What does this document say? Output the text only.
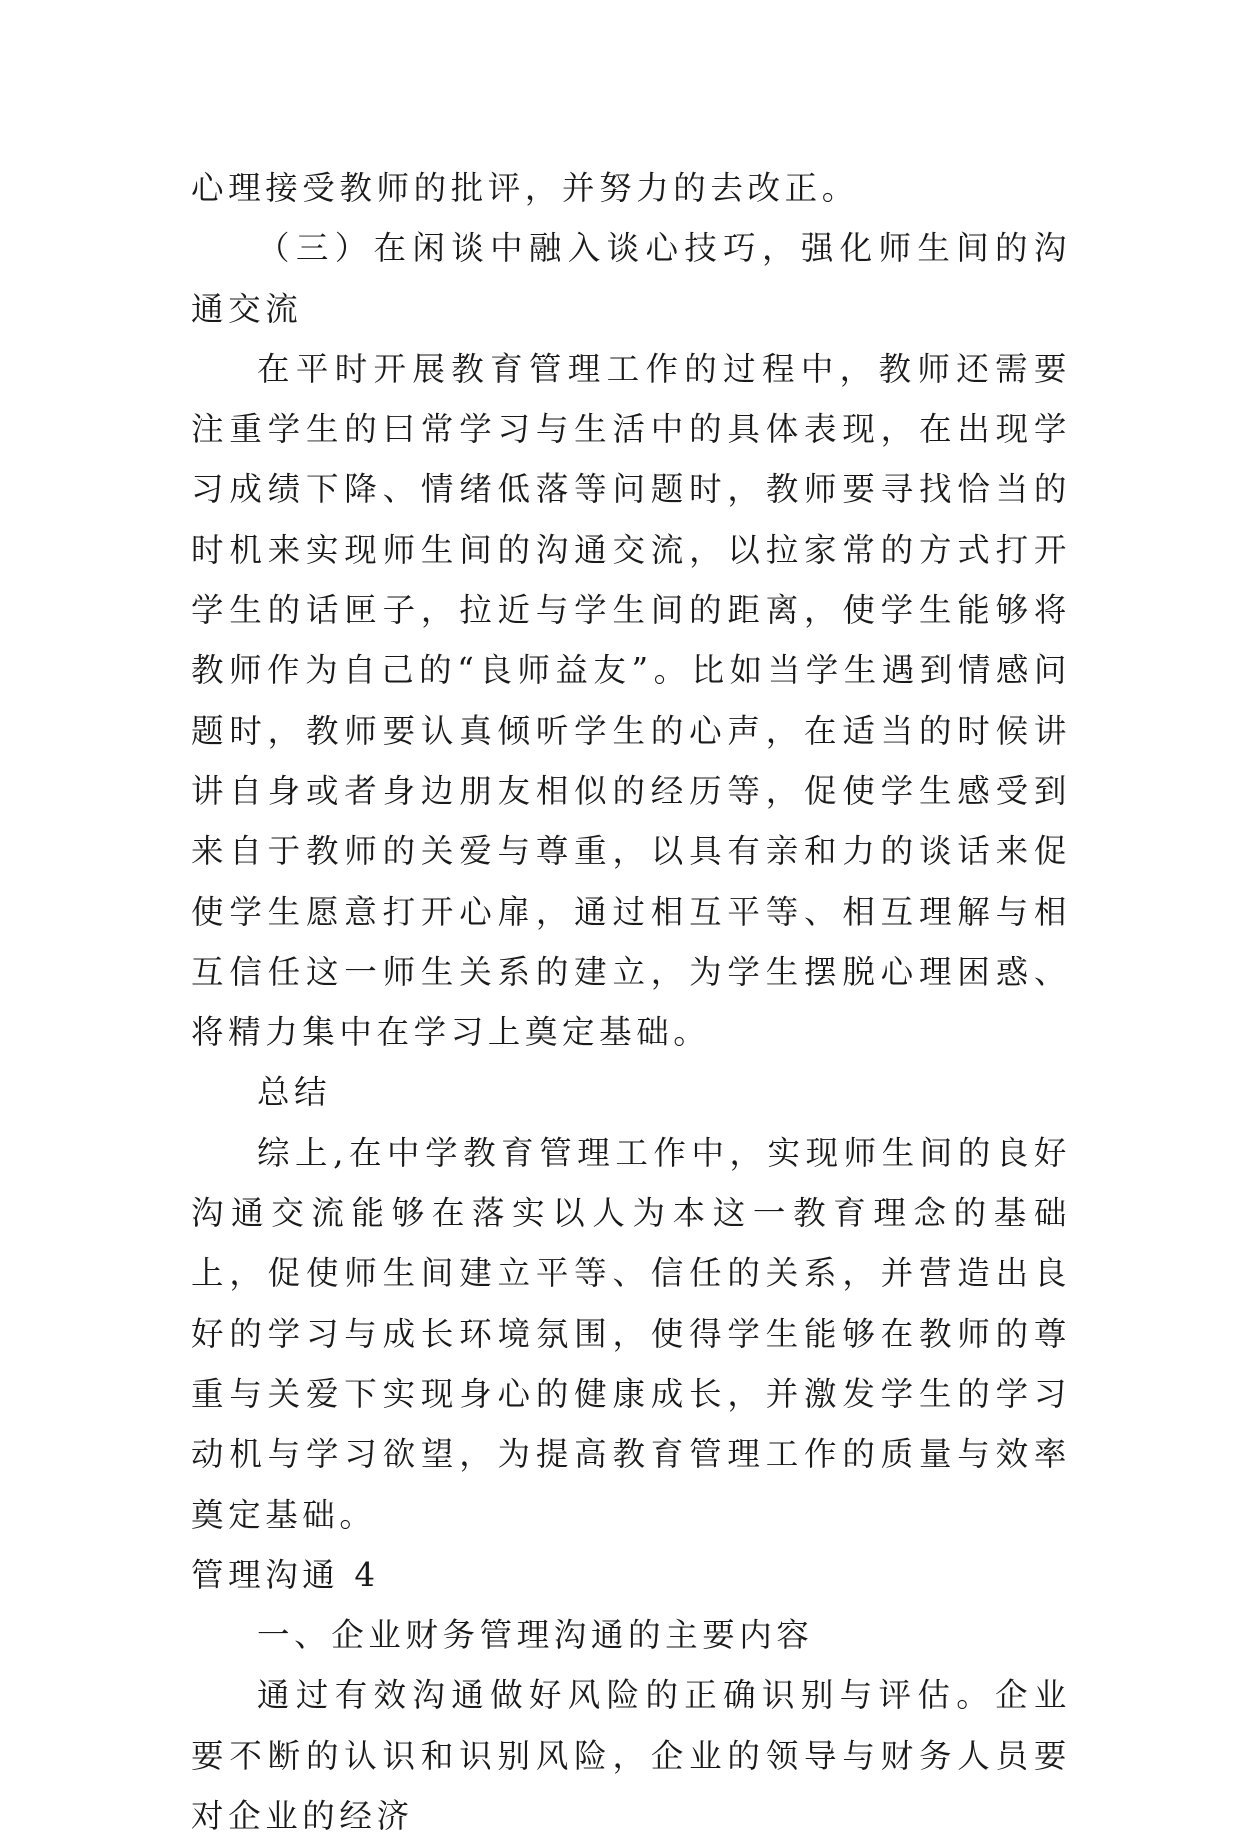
心理接受教师的批评，并努力的去改正。

（三）在闲谈中融入谈心技巧，强化师生间的沟通交流

在平时开展教育管理工作的过程中，教师还需要注重学生的曰常学习与生活中的具体表现，在出现学习成绩下降、情绪低落等问题时，教师要寻找恰当的时机来实现师生间的沟通交流，以拉家常的方式打开学生的话匣子，拉近与学生间的距离，使学生能够将教师作为自己的“良师益友”。比如当学生遇到情感问题时，教师要认真倾听学生的心声，在适当的时候讲讲自身或者身边朋友相似的经历等，促使学生感受到来自于教师的关爱与尊重，以具有亲和力的谈话来促使学生愿意打开心扉，通过相互平等、相互理解与相互信任这一师生关系的建立，为学生摆脱心理困惑、将精力集中在学习上奠定基础。

总结

综上,在中学教育管理工作中，实现师生间的良好沟通交流能够在落实以人为本这一教育理念的基础上，促使师生间建立平等、信任的关系，并营造出良好的学习与成长环境氛围，使得学生能够在教师的尊重与关爱下实现身心的健康成长，并激发学生的学习动机与学习欲望，为提高教育管理工作的质量与效率奠定基础。

管理沟通 4

一、企业财务管理沟通的主要内容

通过有效沟通做好风险的正确识别与评估。企业要不断的认识和识别风险，企业的领导与财务人员要对企业的经济
